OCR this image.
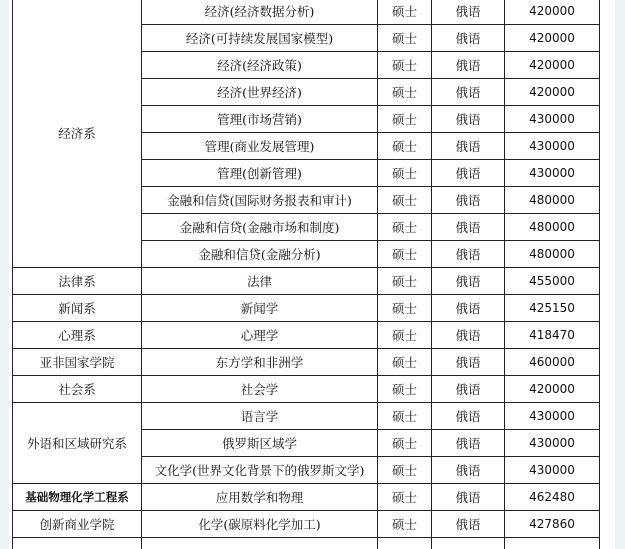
经济系	经济(经济数据分析)	硕士	俄语	420000
	经济(可持续发展国家模型)	硕士	俄语	420000
	经济(经济政策)	硕士	俄语	420000
	经济(世界经济)	硕士	俄语	420000
	管理(市场营销)	硕士	俄语	430000
	管理(商业发展管理)	硕士	俄语	430000
	管理(创新管理)	硕士	俄语	430000
	金融和信贷(国际财务报表和审计)	硕士	俄语	480000
	金融和信贷(金融市场和制度)	硕士	俄语	480000
	金融和信贷(金融分析)	硕士	俄语	480000
法律系	法律	硕士	俄语	455000
新闻系	新闻学	硕士	俄语	425150
心理系	心理学	硕士	俄语	418470
亚非国家学院	东方学和非洲学	硕士	俄语	460000
社会系	社会学	硕士	俄语	420000
外语和区域研究系	语言学	硕士	俄语	430000
	俄罗斯区域学	硕士	俄语	430000
	文化学(世界文化背景下的俄罗斯文学)	硕士	俄语	430000
基础物理化学工程系	应用数学和物理	硕士	俄语	462480
创新商业学院	化学(碳原料化学加工)	硕士	俄语	427860
